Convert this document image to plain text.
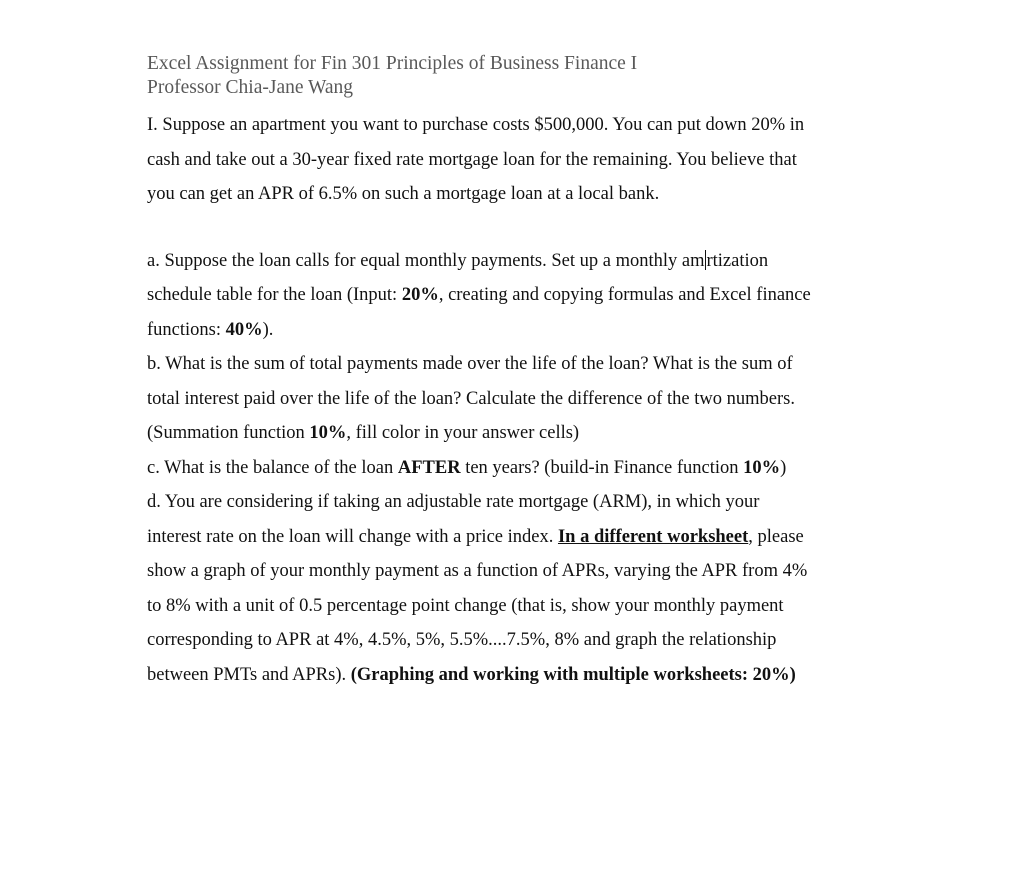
Excel Assignment for Fin 301 Principles of Business Finance I
Professor Chia-Jane Wang
I. Suppose an apartment you want to purchase costs $500,000. You can put down 20% in
cash and take out a 30-year fixed rate mortgage loan for the remaining. You believe that
you can get an APR of 6.5% on such a mortgage loan at a local bank.
a. Suppose the loan calls for equal monthly payments. Set up a monthly am rtization
schedule table for the loan (Input: 20%, creating and copying formulas and Excel finance
functions: 40%).
b. What is the sum of total payments made over the life of the loan? What is the sum of
total interest paid over the life of the loan? Calculate the difference of the two numbers.
(Summation function 10%, fill color in your answer cells)
c. What is the balance of the loan AFTER ten years? (build-in Finance function 10%)
d. You are considering if taking an adjustable rate mortgage (ARM), in which your
interest rate on the loan will change with a price index. In a different worksheet, please
show a graph of your monthly payment as a function of APRs, varying the APR from 4%
to 8% with a unit of 0.5 percentage point change (that is, show your monthly payment
corresponding to APR at 4%, 4.5%, 5%, 5.5%....7.5%, 8% and graph the relationship
between PMTs and APRs). (Graphing and working with multiple worksheets: 20%)
